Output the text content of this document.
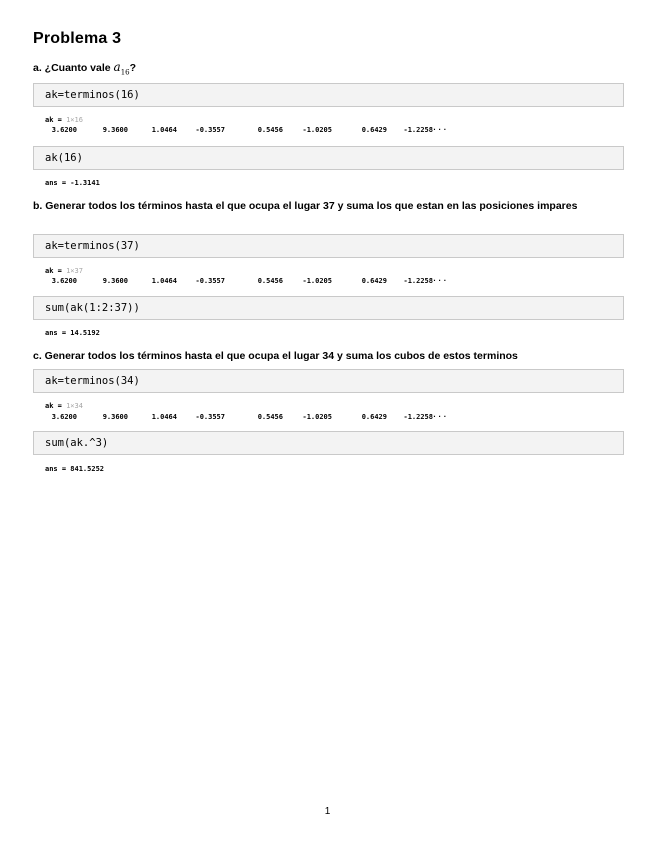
Problema 3
a. ¿Cuanto vale $a_{16}$?
ak=terminos(16)
ak = 1×16
3.6200	9.3600	1.0464	-0.3557	0.5456	-1.0205	0.6429 -1.2258 ···
ak(16)
ans = -1.3141
b. Generar todos los términos hasta el que ocupa el lugar 37 y suma los que estan en las posiciones impares
ak=terminos(37)
ak = 1×37
3.6200	9.3600	1.0464	-0.3557	0.5456	-1.0205	0.6429 -1.2258 ···
sum(ak(1:2:37))
ans = 14.5192
c. Generar todos los términos hasta el que ocupa el lugar 34 y suma los cubos de estos terminos
ak=terminos(34)
ak = 1×34
3.6200	9.3600	1.0464	-0.3557	0.5456	-1.0205	0.6429 -1.2258 ···
sum(ak.^3)
ans = 841.5252
1
